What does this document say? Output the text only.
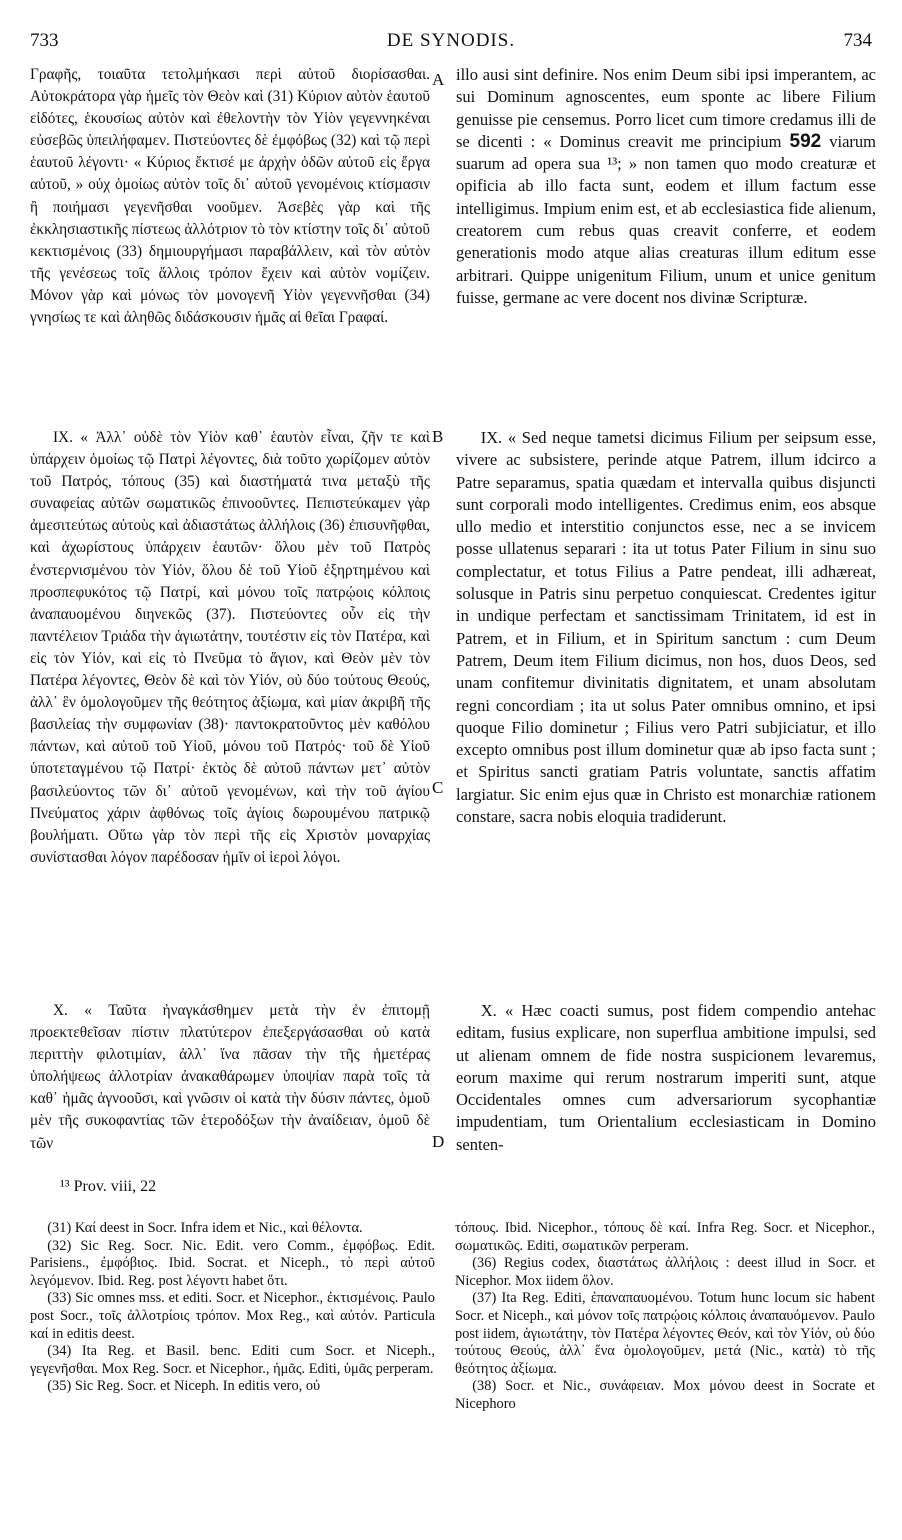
733	DE SYNODIS.	734

Γραφῆς, τοιαῦτα τετολμήκασι περὶ αὐτοῦ διορίσασθαι. Αὐτοκράτορα γὰρ ἡμεῖς τὸν Θεὸν καὶ (31) Κύριον αὐτὸν ἑαυτοῦ εἰδότες, ἑκουσίως αὐτὸν καὶ ἐθελοντὴν τὸν Υἱὸν γεγεννηκέναι εὐσεβῶς ὑπειλήφαμεν. Πιστεύοντες δὲ ἐμφόβως (32) καὶ τῷ περὶ ἑαυτοῦ λέγοντι· « Κύριος ἔκτισέ με ἀρχὴν ὁδῶν αὐτοῦ εἰς ἔργα αὐτοῦ, » οὐχ ὁμοίως αὐτὸν τοῖς δι᾽ αὐτοῦ γενομένοις κτίσμασιν ἢ ποιήμασι γεγενῆσθαι νοοῦμεν. Ἀσεβὲς γὰρ καὶ τῆς ἐκκλησιαστικῆς πίστεως ἀλλότριον τὸ τὸν κτίστην τοῖς δι᾽ αὐτοῦ κεκτισμένοις (33) δημιουργήμασι παραβάλλειν, καὶ τὸν αὐτὸν τῆς γενέσεως τοῖς ἄλλοις τρόπον ἔχειν καὶ αὐτὸν νομίζειν. Μόνον γὰρ καὶ μόνως τὸν μονογενῆ Υἱὸν γεγεννῆσθαι (34) γνησίως τε καὶ ἀληθῶς διδάσκουσιν ἡμᾶς αἱ θεῖαι Γραφαί.

IX. « Ἀλλ᾽ οὐδὲ τὸν Υἱὸν καθ᾽ ἑαυτὸν εἶναι, ζῆν τε καὶ ὑπάρχειν ὁμοίως τῷ Πατρὶ λέγοντες, διὰ τοῦτο χωρίζομεν αὐτὸν τοῦ Πατρός, τόπους (35) καὶ διαστήματά τινα μεταξὺ τῆς συναφείας αὐτῶν σωματικῶς ἐπινοοῦντες. Πεπιστεύκαμεν γὰρ ἀμεσιτεύτως αὐτοὺς καὶ ἀδιαστάτως ἀλλήλοις (36) ἐπισυνῆφθαι, καὶ ἀχωρίστους ὑπάρχειν ἑαυτῶν· ὅλου μὲν τοῦ Πατρὸς ἐνστερνισμένου τὸν Υἱόν, ὅλου δὲ τοῦ Υἱοῦ ἐξηρτημένου καὶ προσπεφυκότος τῷ Πατρί, καὶ μόνου τοῖς πατρῴοις κόλποις ἀναπαυομένου διηνεκῶς (37). Πιστεύοντες οὖν εἰς τὴν παντέλειον Τριάδα τὴν ἁγιωτάτην, τουτέστιν εἰς τὸν Πατέρα, καὶ εἰς τὸν Υἱόν, καὶ εἰς τὸ Πνεῦμα τὸ ἅγιον, καὶ Θεὸν μὲν τὸν Πατέρα λέγοντες, Θεὸν δὲ καὶ τὸν Υἱόν, οὐ δύο τούτους Θεούς, ἀλλ᾽ ἓν ὁμολογοῦμεν τῆς θεότητος ἀξίωμα, καὶ μίαν ἀκριβῆ τῆς βασιλείας τὴν συμφωνίαν (38)· παντοκρατοῦντος μὲν καθόλου πάντων, καὶ αὐτοῦ τοῦ Υἱοῦ, μόνου τοῦ Πατρός· τοῦ δὲ Υἱοῦ ὑποτεταγμένου τῷ Πατρί· ἐκτὸς δὲ αὐτοῦ πάντων μετ᾽ αὐτὸν βασιλεύοντος τῶν δι᾽ αὐτοῦ γενομένων, καὶ τὴν τοῦ ἁγίου Πνεύματος χάριν ἀφθόνως τοῖς ἁγίοις δωρουμένου πατρικῷ βουλήματι. Οὕτω γὰρ τὸν περὶ τῆς εἰς Χριστὸν μοναρχίας συνίστασθαι λόγον παρέδοσαν ἡμῖν οἱ ἱεροὶ λόγοι.

X. « Ταῦτα ἠναγκάσθημεν μετὰ τὴν ἐν ἐπιτομῇ προεκτεθεῖσαν πίστιν πλατύτερον ἐπεξεργάσασθαι οὐ κατὰ περιττὴν φιλοτιμίαν, ἀλλ᾽ ἵνα πᾶσαν τὴν τῆς ἡμετέρας ὑπολήψεως ἀλλοτρίαν ἀνακαθάρωμεν ὑποψίαν παρὰ τοῖς τὰ καθ᾽ ἡμᾶς ἀγνοοῦσι, καὶ γνῶσιν οἱ κατὰ τὴν δύσιν πάντες, ὁμοῦ μὲν τῆς συκοφαντίας τῶν ἑτεροδόξων τὴν ἀναίδειαν, ὁμοῦ δὲ τῶν

A
B
C
D

illo ausi sint definire. Nos enim Deum sibi ipsi imperantem, ac sui Dominum agnoscentes, eum sponte ac libere Filium genuisse pie censemus. Porro licet cum timore credamus illi de se dicenti : « Dominus creavit me principium 592 viarum suarum ad opera sua ¹³; » non tamen quo modo creaturæ et opificia ab illo facta sunt, eodem et illum factum esse intelligimus. Impium enim est, et ab ecclesiastica fide alienum, creatorem cum rebus quas creavit conferre, et eodem generationis modo atque alias creaturas illum editum esse arbitrari. Quippe unigenitum Filium, unum et unice genitum fuisse, germane ac vere docent nos divinæ Scripturæ.

IX. « Sed neque tametsi dicimus Filium per seipsum esse, vivere ac subsistere, perinde atque Patrem, illum idcirco a Patre separamus, spatia quædam et intervalla quibus disjuncti sunt corporali modo intelligentes. Credimus enim, eos absque ullo medio et interstitio conjunctos esse, nec a se invicem posse ullatenus separari : ita ut totus Pater Filium in sinu suo complectatur, et totus Filius a Patre pendeat, illi adhæreat, solusque in Patris sinu perpetuo conquiescat. Credentes igitur in undique perfectam et sanctissimam Trinitatem, id est in Patrem, et in Filium, et in Spiritum sanctum : cum Deum Patrem, Deum item Filium dicimus, non hos, duos Deos, sed unam confitemur divinitatis dignitatem, et unam absolutam regni concordiam ; ita ut solus Pater omnibus omnino, et ipsi quoque Filio dominetur ; Filius vero Patri subjiciatur, et illo excepto omnibus post illum dominetur quæ ab ipso facta sunt ; et Spiritus sancti gratiam Patris voluntate, sanctis affatim largiatur. Sic enim ejus quæ in Christo est monarchiæ rationem constare, sacra nobis eloquia tradiderunt.

X. « Hæc coacti sumus, post fidem compendio antehac editam, fusius explicare, non superflua ambitione impulsi, sed ut alienam omnem de fide nostra suspicionem levaremus, eorum maxime qui rerum nostrarum imperiti sunt, atque Occidentales omnes cum adversariorum sycophantiæ impudentiam, tum Orientalium ecclesiasticam in Domino senten-

¹³ Prov. viii, 22

(31) Καί deest in Socr. Infra idem et Nic., καὶ θέλοντα.

(32) Sic Reg. Socr. Nic. Edit. vero Comm., ἐμφόβως. Edit. Parisiens., ἐμφόβιος. Ibid. Socrat. et Niceph., τὸ περὶ αὐτοῦ λεγόμενον. Ibid. Reg. post λέγοντι habet ὅτι.

(33) Sic omnes mss. et editi. Socr. et Nicephor., ἐκτισμένοις. Paulo post Socr., τοῖς ἀλλοτρίοις τρόπον. Mox Reg., καὶ αὐτόν. Particula καί in editis deest.

(34) Ita Reg. et Basil. benc. Editi cum Socr. et Niceph., γεγενῆσθαι. Mox Reg. Socr. et Nicephor., ἡμᾶς. Editi, ὑμᾶς perperam.

(35) Sic Reg. Socr. et Niceph. In editis vero, οὐ

τόπους. Ibid. Nicephor., τόπους δὲ καί. Infra Reg. Socr. et Nicephor., σωματικῶς. Editi, σωματικῶν perperam.

(36) Regius codex, διαστάτως ἀλλήλοις : deest illud in Socr. et Nicephor. Mox iidem ὅλον.

(37) Ita Reg. Editi, ἐπαναπαυομένου. Totum hunc locum sic habent Socr. et Niceph., καὶ μόνον τοῖς πατρῴοις κόλποις ἀναπαυόμενον. Paulo post iidem, ἁγιωτάτην, τὸν Πατέρα λέγοντες Θεόν, καὶ τὸν Υἱόν, οὐ δύο τούτους Θεούς, ἀλλ᾽ ἕνα ὁμολογοῦμεν, μετά (Nic., κατὰ) τὸ τῆς θεότητος ἀξίωμα.

(38) Socr. et Nic., συνάφειαν. Mox μόνου deest in Socrate et Nicephoro
